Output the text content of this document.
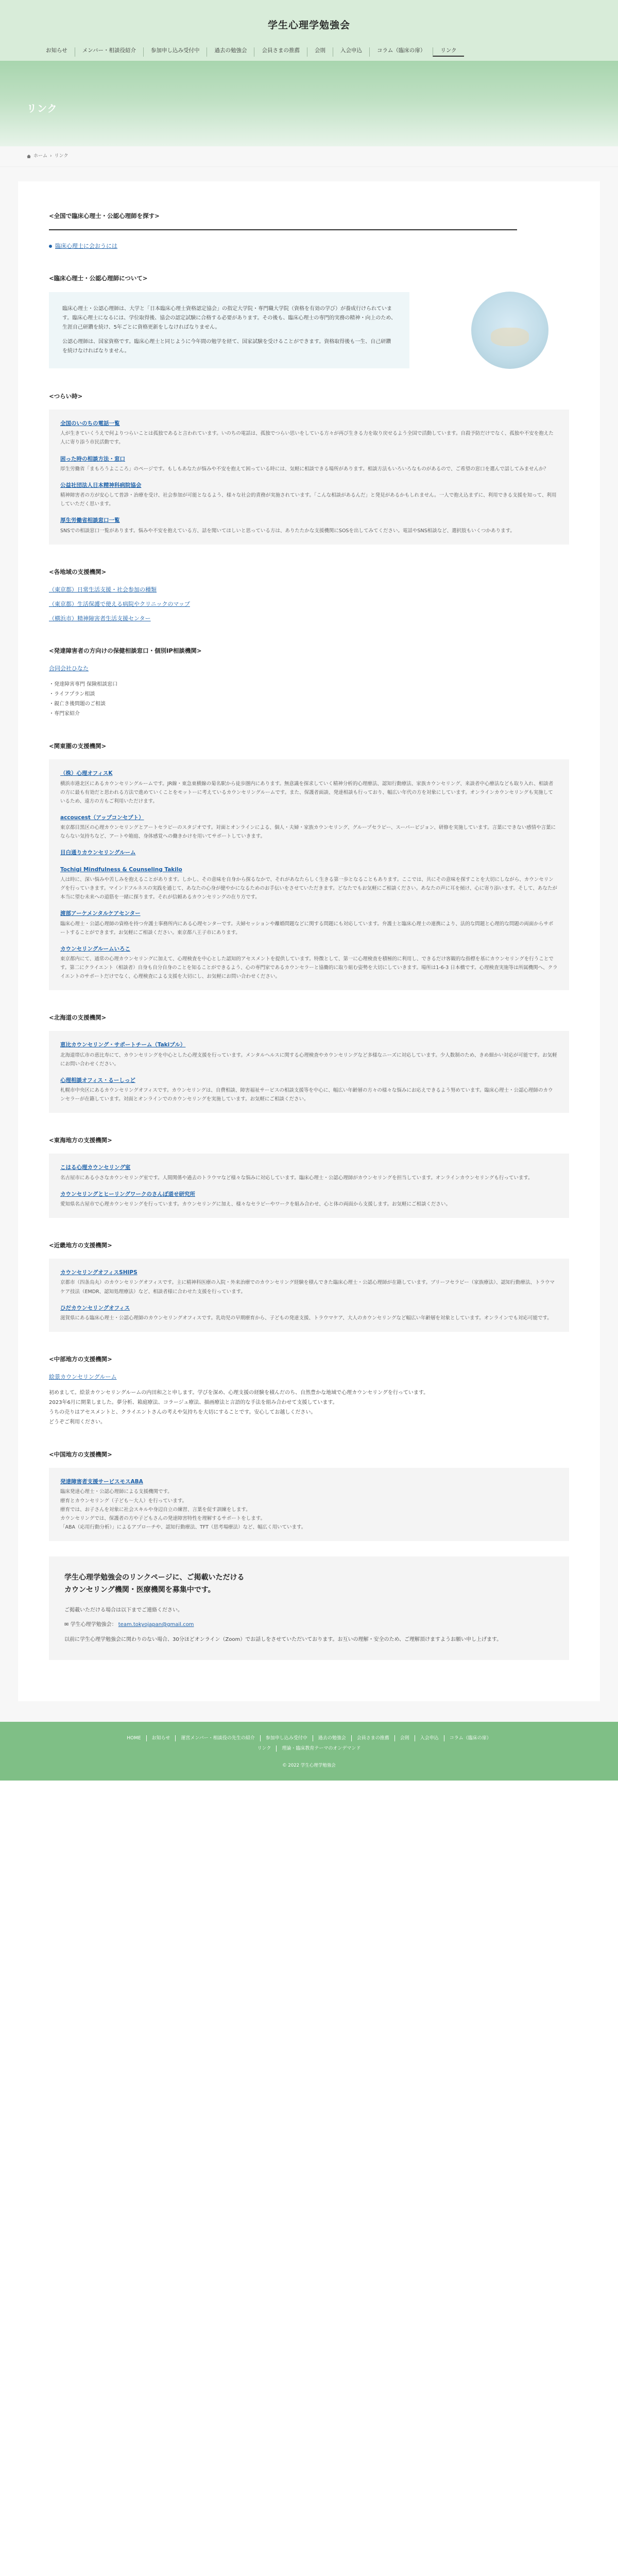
学生心理学勉強会
お知らせ	メンバー・相談役紹介	参加申し込み受付中	過去の勉強会	会員さまの推薦	会則	入会申込	コラム（臨床の扉）	リンク
リンク
ホーム › リンク
<全国で臨床心理士・公認心理師を探す>
臨床心理士に会おうには
<臨床心理士・公認心理師について>

臨床心理士・公認心理師は、大学と「日本臨床心理士資格認定協会」の指定大学院・専門職大学院（資格を有効の学び）が養成行けられています。臨床心理士になるには、学位取得後、協会の認定試験に合格する必要があります。その後も、臨床心理士の専門的実務の精神・向上のため、生涯自己研鑽を続け、5年ごとに資格更新をしなければなりません。

公認心理師は、国家資格です。臨床心理士と同じように今年間の勉学を経て、国家試験を受けることができます。資格取得後も一生、自己研鑽を続けなければなりません。

<つらい時>
全国のいのちの電話一覧
人が生きていくうえで何よりつらいことは孤独であると言われています。いのちの電話は、孤独でつらい思いをしている方々が再び生きる力を取り戻せるよう全国で活動しています。自殺予防だけでなく、孤独や不安を抱えた人に寄り添う市民活動です。
困った時の相談方法・窓口
厚生労働省「まもろうよこころ」のページです。もしもあなたが悩みや不安を抱えて困っている時には、気軽に相談できる場所があります。相談方法もいろいろなものがあるので、ご希望の窓口を選んで話してみませんか？
公益社団法人日本精神科病院協会
精神障害者の方が安心して普診・治療を受け、社会参加が可能となるよう、様々な社会的責務が実施されています。「こんな相談があるんだ」と発見があるかもしれません。一人で抱え込まずに、利用できる支援を知って、利用していただく思います。
厚生労働省相談窓口一覧
SNSでの相談窓口一覧があります。悩みや不安を抱えている方、話を聞いてほしいと思っている方は、ありたたかな支援機関にSOSを出してみてください。電話やSNS相談など、選択肢もいくつかあります。
<各地域の支援機関>
（東京都）日常生活支援・社会参加の種類
（東京都）生活保護で使える病院やクリニックのマップ
（横浜市）精神障害者生活支援センター
<発達障害者の方向けの保健相談窓口・個別IP相談機関>
合同会社ひなた
・発達障害専門 保険相談窓口
・ライフプラン相談
・親亡き後問題のご相談
・専門家紹介
<関東圏の支援機関>
（株）心理オフィスK
横浜市港北区にあるカウンセリングルームです。JR線・東急東横線の菊名駅から徒歩圏内にあります。無意識を探求していく精神分析的心理療法、認知行動療法、家族カウンセリング、来談者中心療法なども取り入れ、相談者の方に最も有効だと思われる方法で進めていくことをモットーに考えているカウンセリングルームです。また、保護者面談、発達相談も行っており、幅広い年代の方を対象にしています。オンラインカウンセリングも実施しているため、遠方の方もご利用いただけます。
accoucest（アップコンセプト）
東京都目黒区の心理カウンセリングとアートセラピーのスタジオです。対面とオンラインによる、個人・夫婦・家族カウンセリング、グループセラピー、スーパービジョン、研修を実施しています。言葉にできない感情や言葉にならない気持ちなど、アートや箱庭、身体感覚への働きかけを用いてサポートしていきます。
目白通りカウンセリングルーム
Tochigi Mindfulness & Counseling Takilo
人は時に、深い悩みや苦しみを抱えることがあります。しかし、その意味を自身から探るなかで、それがあなたらしく生きる第一歩となることもあります。ここでは、共にその意味を探すことを大切にしながら、カウンセリングを行っていきます。マインドフルネスの実践を通じて、あなたの心身が健やかになるためのお手伝いをさせていただきます。どなたでもお気軽にご相談ください。あなたの声に耳を傾け、心に寄り添います。そして、あなたが本当に望む未来への道筋を一緒に探ります。それが信頼あるカウンセリングの在り方です。
渡部アーケメンタルケアセンター
臨床心理士・公認心理師の資格を持つ弁護士事務所内にある心理センターです。夫婦セッションや離婚問題などに関する問題にも対応しています。弁護士と臨床心理士の連携により、法的な問題と心理的な問題の両面からサポートすることができます。お気軽にご相談ください。東京都八王子市にあります。
カウンセリングルームいろこ
東京都内にて、通常の心理カウンセリングに加えて、心理検査を中心とした認知的アセスメントを提供しています。特徴として、第一に心理検査を積極的に利用し、できるだけ客観的な指標を基にカウンセリングを行うことです。第二にクライエント（相談者）自身も自分自身のことを知ることができるよう、心の専門家であるカウンセラーと協働的に取り組む姿勢を大切にしていきます。場所は1-6-3 日本橋です。心理検査実施等は所属機関へ、クライエントのサポートだけでなく、心理検査による支援を大切にし、お気軽にお問い合わせください。
<北海道の支援機関>
恵比カウンセリング・サポートチーム（Takiプル）
北海道帯広市の恵比寿にて、カウンセリングを中心とした心理支援を行っています。メンタルヘルスに関する心理検査やカウンセリングなど多様なニーズに対応しています。少人数制のため、きめ細かい対応が可能です。お気軽にお問い合わせください。
心理相談オフィス・るーしっど
札幌市中央区にあるカウンセリングオフィスです。カウンセリングは、自費相談、障害福祉サービスの相談支援等を中心に、幅広い年齢層の方々の様々な悩みにお応えできるよう努めています。臨床心理士・公認心理師のカウンセラーが在籍しています。対面とオンラインでのカウンセリングを実施しています。お気軽にご相談ください。
<東海地方の支援機関>
こはる心理カウンセリング室
名古屋市にある小さなカウンセリング室です。人間関係や過去のトラウマなど様々な悩みに対応しています。臨床心理士・公認心理師がカウンセリングを担当しています。オンラインカウンセリングも行っています。
カウンセリングとヒーリングワークのさんぽ道せ研究所
愛知県名古屋市で心理カウンセリングを行っています。カウンセリングに加え、様々なセラピーやワークを組み合わせ、心と体の両面から支援します。お気軽にご相談ください。
<近畿地方の支援機関>
カウンセリングオフィスSHIPS
京都市（四条烏丸）のカウンセリングオフィスです。主に精神科医療の入院・外来治療でのカウンセリング経験を積んできた臨床心理士・公認心理師が在籍しています。ブリーフセラピー（家族療法）、認知行動療法、トラウマケア技法（EMDR、認知処理療法）など、相談者様に合わせた支援を行っています。
ひだカウンセリングオフィス
滋賀県にある臨床心理士・公認心理師のカウンセリングオフィスです。乳幼児の早期療育から、子どもの発達支援、トラウマケア、大人のカウンセリングなど幅広い年齢層を対象としています。オンラインでも対応可能です。
<中部地方の支援機関>
絵景カウンセリングルーム
初めまして。絵景カウンセリングルームの内田和之と申します。学びを深め、心理支援の経験を積んだのち、自然豊かな地域で心理カウンセリングを行っています。
2023年6月に開業しました。夢分析、箱庭療法、コラージュ療法、描画療法と言語的な手法を組み合わせて支援しています。
うちの売りはアセスメントと、クライエントさんの考えや気持ちを大切にすることです。安心してお越しください。
どうぞご利用ください。
<中国地方の支援機関>
発達障害者支援サービスモスABA
臨床発達心理士・公認心理師による支援機関です。
療育とカウンセリング（子ども〜大人）を行っています。
療育では、お子さんを対象に社会スキルや身辺自立の練習、言葉を促す訓練をします。
カウンセリングでは、保護者の方や子どもさんの発達障害特性を理解するサポートをします。
「ABA（応用行動分析）」によるアプローチや、認知行動療法、TFT（思考場療法）など、幅広く用いています。
学生心理学勉強会のリンクページに、ご掲載いただける
カウンセリング機関・医療機関を募集中です。

ご掲載いただける場合は以下までご連絡ください。

✉ 学生心理学勉強会： team.tokyojapan@gmail.com

以前に学生心理学勉強会に関わりのない場合、30分ほどオンライン（Zoom）でお話しをさせていただいております。お互いの理解・安全のため、ご理解頂けますようお願い申し上げます。

HOME	お知らせ	運営メンバー・相談役の先生の紹介	参加申し込み受付中	過去の勉強会	会員さまの推薦	会則	入会申込	コラム（臨床の扉）
リンク	理論・臨床教育テーマのオンデマンド
© 2022 学生心理学勉強会
